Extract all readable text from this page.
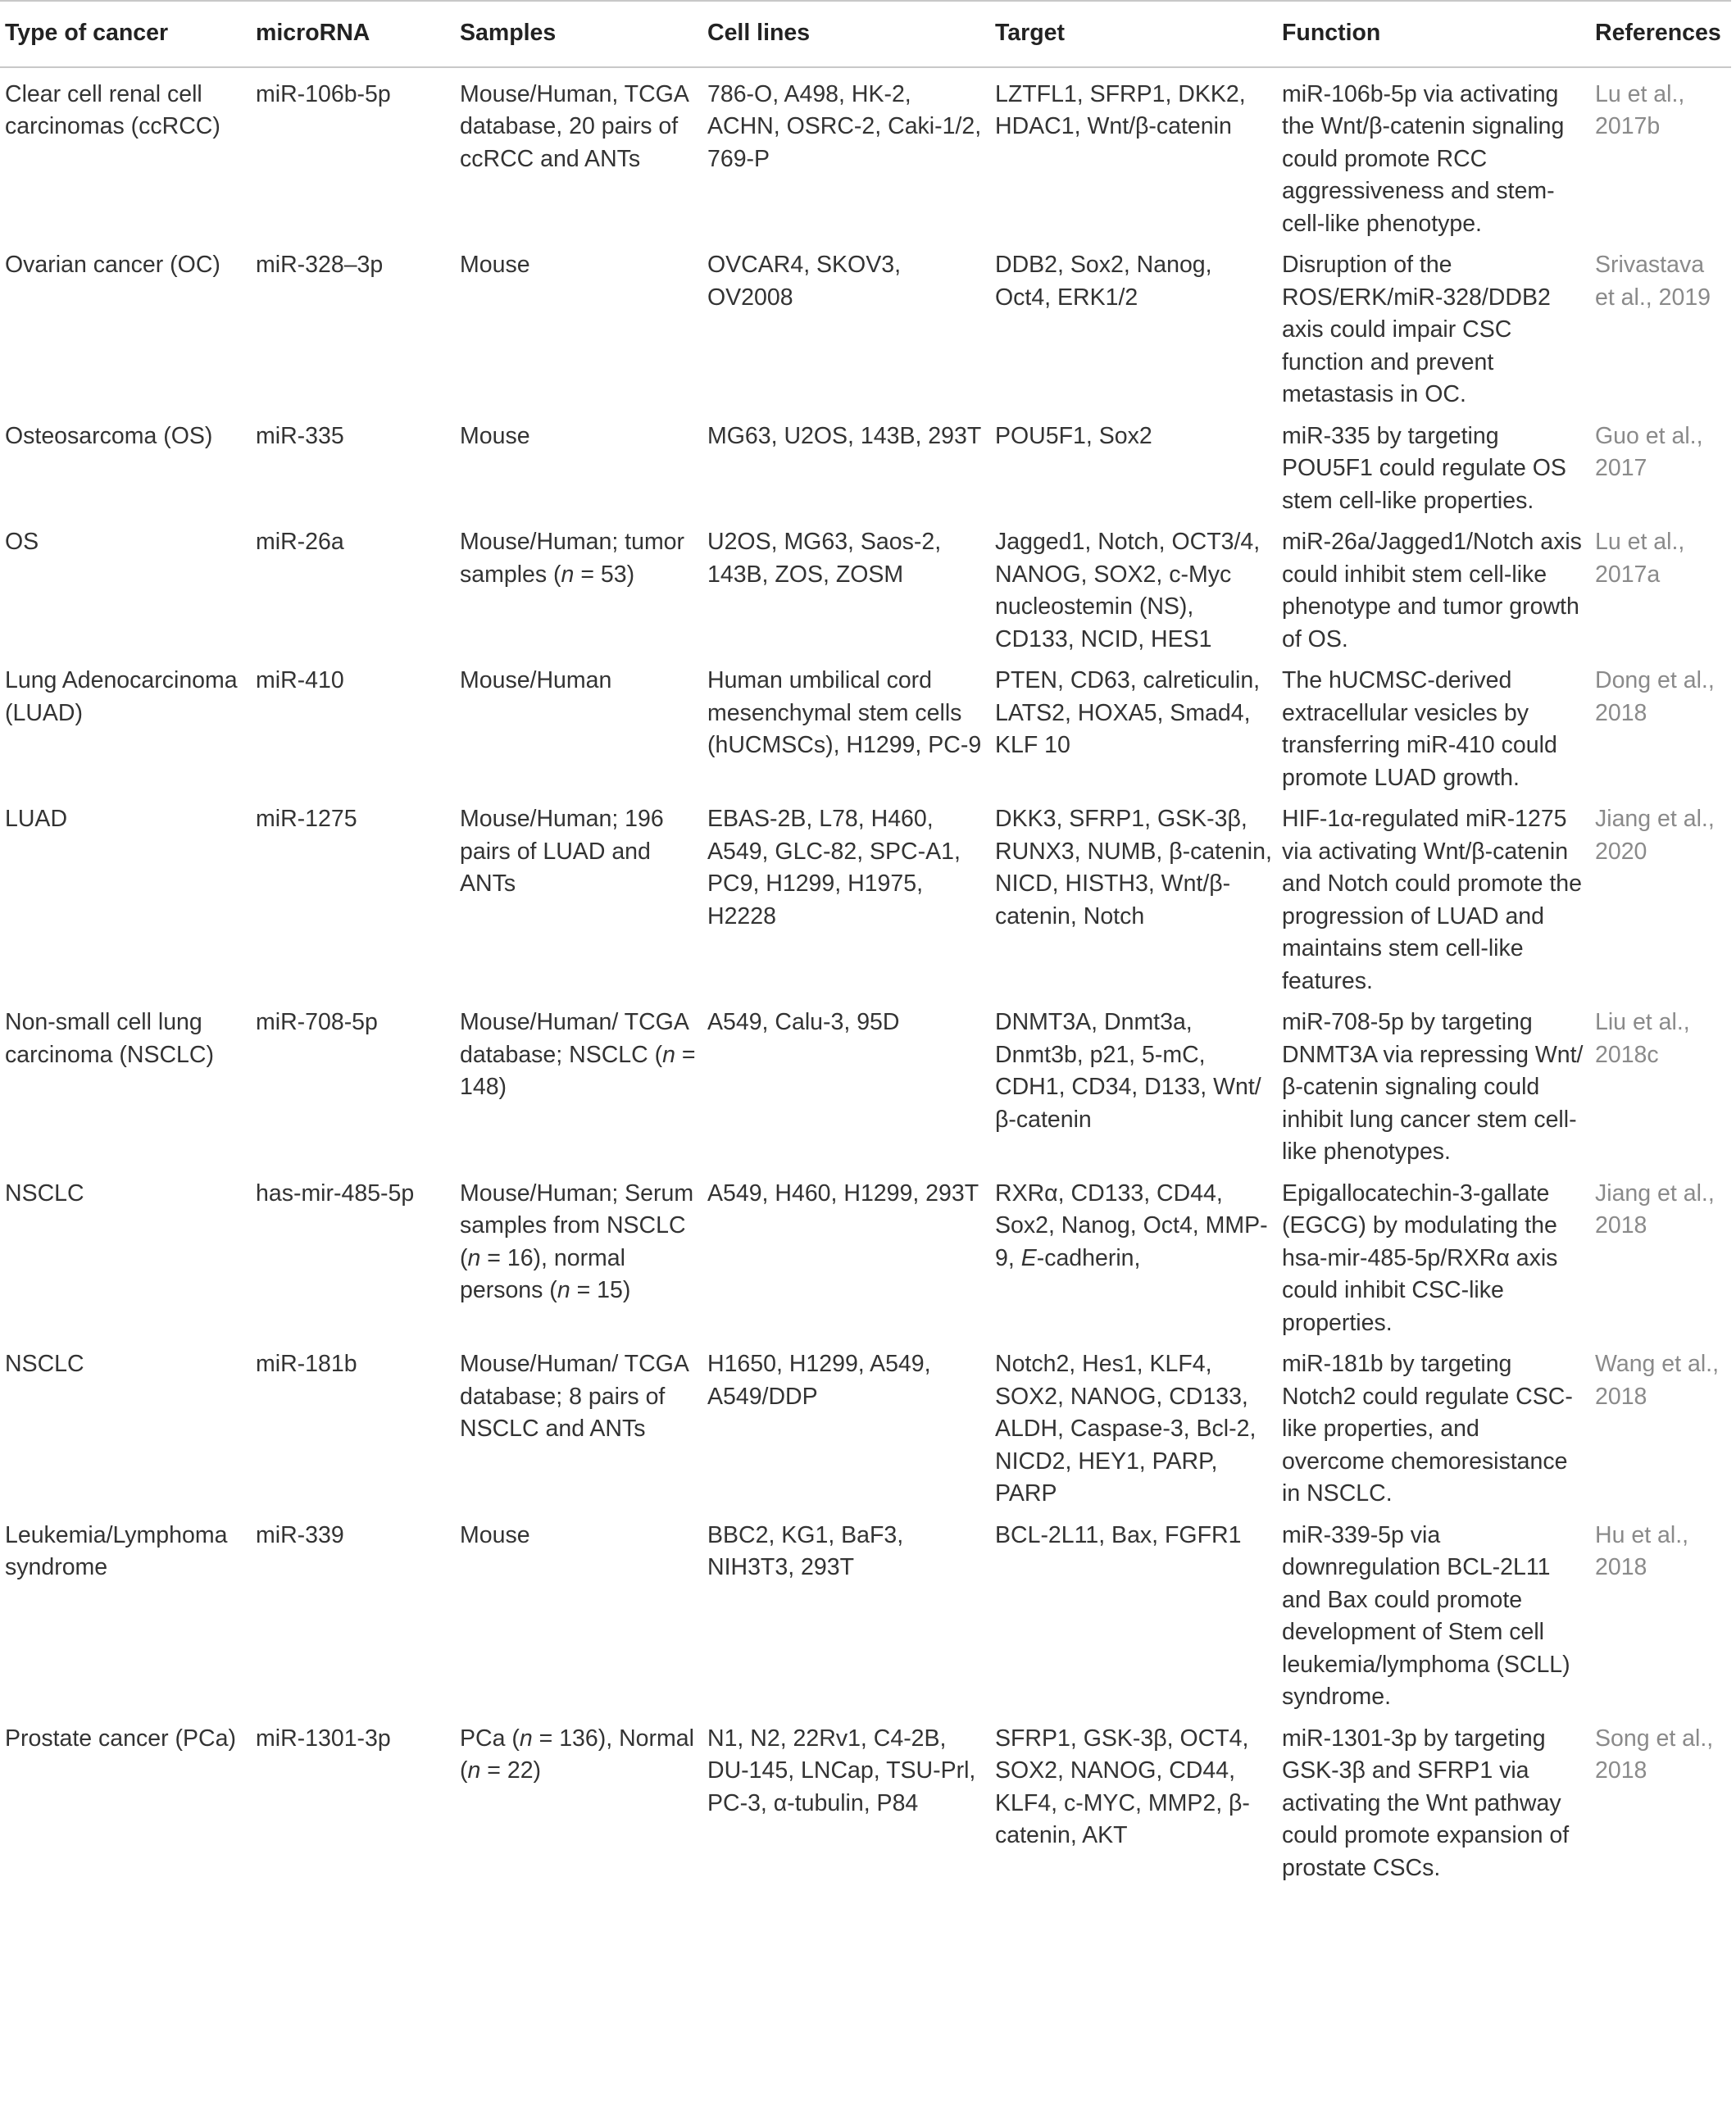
Type of cancer	microRNA	Samples	Cell lines	Target	Function	References
Clear cell renal cell carcinomas (ccRCC)	miR-106b-5p	Mouse/Human, TCGA database, 20 pairs of ccRCC and ANTs	786-O, A498, HK-2, ACHN, OSRC-2, Caki-1/2, 769-P	LZTFL1, SFRP1, DKK2, HDAC1, Wnt/β-catenin	miR-106b-5p via activating the Wnt/β-catenin signaling could promote RCC aggressiveness and stem-cell-like phenotype.	Lu et al., 2017b
Ovarian cancer (OC)	miR-328–3p	Mouse	OVCAR4, SKOV3, OV2008	DDB2, Sox2, Nanog, Oct4, ERK1/2	Disruption of the ROS/ERK/miR-328/DDB2 axis could impair CSC function and prevent metastasis in OC.	Srivastava et al., 2019
Osteosarcoma (OS)	miR-335	Mouse	MG63, U2OS, 143B, 293T	POU5F1, Sox2	miR-335 by targeting POU5F1 could regulate OS stem cell-like properties.	Guo et al., 2017
OS	miR-26a	Mouse/Human; tumor samples (n = 53)	U2OS, MG63, Saos-2, 143B, ZOS, ZOSM	Jagged1, Notch, OCT3/4, NANOG, SOX2, c-Myc nucleostemin (NS), CD133, NCID, HES1	miR-26a/Jagged1/Notch axis could inhibit stem cell-like phenotype and tumor growth of OS.	Lu et al., 2017a
Lung Adenocarcinoma (LUAD)	miR-410	Mouse/Human	Human umbilical cord mesenchymal stem cells (hUCMSCs), H1299, PC-9	PTEN, CD63, calreticulin, LATS2, HOXA5, Smad4, KLF 10	The hUCMSC-derived extracellular vesicles by transferring miR-410 could promote LUAD growth.	Dong et al., 2018
LUAD	miR-1275	Mouse/Human; 196 pairs of LUAD and ANTs	EBAS-2B, L78, H460, A549, GLC-82, SPC-A1, PC9, H1299, H1975, H2228	DKK3, SFRP1, GSK-3β, RUNX3, NUMB, β-catenin, NICD, HISTH3, Wnt/β-catenin, Notch	HIF-1α-regulated miR-1275 via activating Wnt/β-catenin and Notch could promote the progression of LUAD and maintains stem cell-like features.	Jiang et al., 2020
Non-small cell lung carcinoma (NSCLC)	miR-708-5p	Mouse/Human/ TCGA database; NSCLC (n = 148)	A549, Calu-3, 95D	DNMT3A, Dnmt3a, Dnmt3b, p21, 5-mC, CDH1, CD34, D133, Wnt/β-catenin	miR-708-5p by targeting DNMT3A via repressing Wnt/β-catenin signaling could inhibit lung cancer stem cell-like phenotypes.	Liu et al., 2018c
NSCLC	has-mir-485-5p	Mouse/Human; Serum samples from NSCLC (n = 16), normal persons (n = 15)	A549, H460, H1299, 293T	RXRα, CD133, CD44, Sox2, Nanog, Oct4, MMP-9, E-cadherin,	Epigallocatechin-3-gallate (EGCG) by modulating the hsa-mir-485-5p/RXRα axis could inhibit CSC-like properties.	Jiang et al., 2018
NSCLC	miR-181b	Mouse/Human/ TCGA database; 8 pairs of NSCLC and ANTs	H1650, H1299, A549, A549/DDP	Notch2, Hes1, KLF4, SOX2, NANOG, CD133, ALDH, Caspase-3, Bcl-2, NICD2, HEY1, PARP, PARP	miR-181b by targeting Notch2 could regulate CSC-like properties, and overcome chemoresistance in NSCLC.	Wang et al., 2018
Leukemia/Lymphoma syndrome	miR-339	Mouse	BBC2, KG1, BaF3, NIH3T3, 293T	BCL-2L11, Bax, FGFR1	miR-339-5p via downregulation BCL-2L11 and Bax could promote development of Stem cell leukemia/lymphoma (SCLL) syndrome.	Hu et al., 2018
Prostate cancer (PCa)	miR-1301-3p	PCa (n = 136), Normal (n = 22)	N1, N2, 22Rv1, C4-2B, DU-145, LNCap, TSU-Prl, PC-3, α-tubulin, P84	SFRP1, GSK-3β, OCT4, SOX2, NANOG, CD44, KLF4, c-MYC, MMP2, β-catenin, AKT	miR-1301-3p by targeting GSK-3β and SFRP1 via activating the Wnt pathway could promote expansion of prostate CSCs.	Song et al., 2018
